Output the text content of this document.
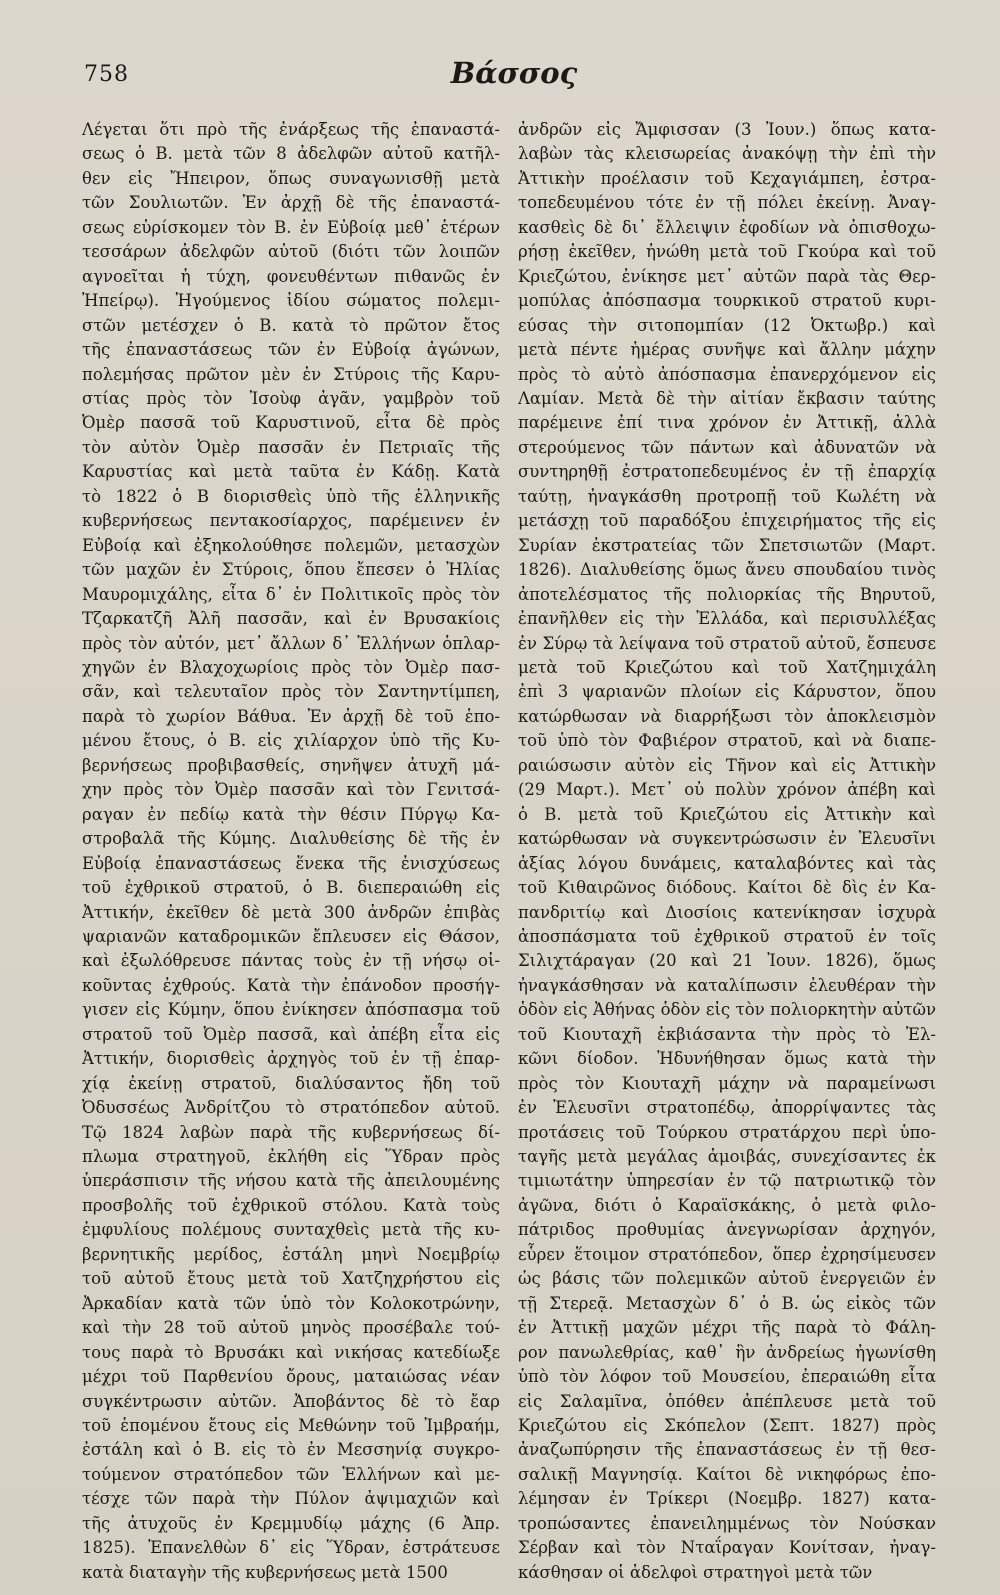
758	Βάσσος
Λέγεται ὅτι πρὸ τῆς ἐνάρξεως τῆς ἐπαναστά-
σεως ὁ Β. μετὰ τῶν 8 ἀδελφῶν αὐτοῦ κατῆλ-
θεν εἰς Ἤπειρον, ὅπως συναγωνισθῇ μετὰ
τῶν Σουλιωτῶν. Ἐν ἀρχῇ δὲ τῆς ἐπαναστά-
σεως εὑρίσκομεν τὸν Β. ἐν Εὐβοίᾳ μεθ᾽ ἑτέρων
τεσσάρων ἀδελφῶν αὐτοῦ (διότι τῶν λοιπῶν
αγνοεῖται ἡ τύχη, φονευθέντων πιθανῶς ἐν
Ἠπείρῳ). Ἡγούμενος ἰδίου σώματος πολεμι-
στῶν μετέσχεν ὁ Β. κατὰ τὸ πρῶτον ἔτος
τῆς ἐπαναστάσεως τῶν ἐν Εὐβοίᾳ ἀγώνων,
πολεμήσας πρῶτον μὲν ἐν Στύροις τῆς Καρυ-
στίας πρὸς τὸν Ἰσοὺφ ἀγᾶν, γαμβρὸν τοῦ
Ὀμὲρ πασσᾶ τοῦ Καρυστινοῦ, εἶτα δὲ πρὸς
τὸν αὐτὸν Ὀμὲρ πασσᾶν ἐν Πετριαῖς τῆς
Καρυστίας καὶ μετὰ ταῦτα ἐν Κάδῃ. Κατὰ
τὸ 1822 ὁ Β διορισθεὶς ὑπὸ τῆς ἑλληνικῆς
κυβερνήσεως πεντακοσίαρχος, παρέμεινεν ἐν
Εὐβοίᾳ καὶ ἐξηκολούθησε πολεμῶν, μετασχὼν
τῶν μαχῶν ἐν Στύροις, ὅπου ἔπεσεν ὁ Ἠλίας
Μαυρομιχάλης, εἶτα δ᾽ ἐν Πολιτικοῖς πρὸς τὸν
Τζαρκατζῆ Ἀλῆ πασσᾶν, καὶ ἐν Βρυσακίοις
πρὸς τὸν αὐτόν, μετ᾽ ἄλλων δ᾽ Ἑλλήνων ὁπλαρ-
χηγῶν ἐν Βλαχοχωρίοις πρὸς τὸν Ὀμὲρ πασ-
σᾶν, καὶ τελευταῖον πρὸς τὸν Σαντηντίμπεη,
παρὰ τὸ χωρίον Βάθυα. Ἐν ἀρχῇ δὲ τοῦ ἑπο-
μένου ἔτους, ὁ Β. εἰς χιλίαρχον ὑπὸ τῆς Κυ-
βερνήσεως προβιβασθείς, σηνῆψεν ἀτυχῆ μά-
χην πρὸς τὸν Ὀμὲρ πασσᾶν καὶ τὸν Γενιτσά-
ραγαν ἐν πεδίῳ κατὰ τὴν θέσιν Πύργῳ Κα-
στροβαλᾶ τῆς Κύμης. Διαλυθείσης δὲ τῆς ἐν
Εὐβοίᾳ ἐπαναστάσεως ἕνεκα τῆς ἐνισχύσεως
τοῦ ἐχθρικοῦ στρατοῦ, ὁ Β. διεπεραιώθη εἰς
Ἀττικήν, ἐκεῖθεν δὲ μετὰ 300 ἀνδρῶν ἐπιβὰς
ψαριανῶν καταδρομικῶν ἔπλευσεν εἰς Θάσον,
καὶ ἐξωλόθρευσε πάντας τοὺς ἐν τῇ νήσῳ οἰ-
κοῦντας ἐχθρούς. Κατὰ τὴν ἐπάνοδον προσήγ-
γισεν εἰς Κύμην, ὅπου ἐνίκησεν ἀπόσπασμα τοῦ
στρατοῦ τοῦ Ὀμὲρ πασσᾶ, καὶ ἀπέβη εἶτα εἰς
Ἀττικήν, διορισθεὶς ἀρχηγὸς τοῦ ἐν τῇ ἐπαρ-
χίᾳ ἐκείνῃ στρατοῦ, διαλύσαντος ἤδη τοῦ
Ὀδυσσέως Ἀνδρίτζου τὸ στρατόπεδον αὐτοῦ.
Τῷ 1824 λαβὼν παρὰ τῆς κυβερνήσεως δί-
πλωμα στρατηγοῦ, ἐκλήθη εἰς Ὕδραν πρὸς
ὑπεράσπισιν τῆς νήσου κατὰ τῆς ἀπειλουμένης
προσβολῆς τοῦ ἐχθρικοῦ στόλου. Κατὰ τοὺς
ἐμφυλίους πολέμους συνταχθεὶς μετὰ τῆς κυ-
βερνητικῆς μερίδος, ἐστάλη μηνὶ Νοεμβρίῳ
τοῦ αὐτοῦ ἔτους μετὰ τοῦ Χατζηχρήστου εἰς
Ἀρκαδίαν κατὰ τῶν ὑπὸ τὸν Κολοκοτρώνην,
καὶ τὴν 28 τοῦ αὐτοῦ μηνὸς προσέβαλε τού-
τους παρὰ τὸ Βρυσάκι καὶ νικήσας κατεδίωξε
μέχρι τοῦ Παρθενίου ὄρους, ματαιώσας νέαν
συγκέντρωσιν αὐτῶν. Ἀποβάντος δὲ τὸ ἔαρ
τοῦ ἑπομένου ἔτους εἰς Μεθώνην τοῦ Ἰμβραήμ,
ἐστάλη καὶ ὁ Β. εἰς τὸ ἐν Μεσσηνίᾳ συγκρο-
τούμενον στρατόπεδον τῶν Ἑλλήνων καὶ με-
τέσχε τῶν παρὰ τὴν Πύλον ἀψιμαχιῶν καὶ
τῆς ἀτυχοῦς ἐν Κρεμμυδίῳ μάχης (6 Ἀπρ.
1825). Ἐπανελθὼν δ᾽ εἰς Ὕδραν, ἐστράτευσε
κατὰ διαταγὴν τῆς κυβερνήσεως μετὰ 1500
ἀνδρῶν εἰς Ἄμφισσαν (3 Ἰουν.) ὅπως κατα-
λαβὼν τὰς κλεισωρείας ἀνακόψῃ τὴν ἐπὶ τὴν
Ἀττικὴν προέλασιν τοῦ Κεχαγιάμπεη, ἐστρα-
τοπεδευμένου τότε ἐν τῇ πόλει ἐκείνῃ. Ἀναγ-
κασθεὶς δὲ δι᾽ ἔλλειψιν ἐφοδίων νὰ ὀπισθοχω-
ρήσῃ ἐκεῖθεν, ἠνώθη μετὰ τοῦ Γκούρα καὶ τοῦ
Κριεζώτου, ἐνίκησε μετ᾽ αὐτῶν παρὰ τὰς Θερ-
μοπύλας ἀπόσπασμα τουρκικοῦ στρατοῦ κυρι-
εύσας τὴν σιτοπομπίαν (12 Ὀκτωβρ.) καὶ
μετὰ πέντε ἡμέρας συνῆψε καὶ ἄλλην μάχην
πρὸς τὸ αὐτὸ ἀπόσπασμα ἐπανερχόμενον εἰς
Λαμίαν. Μετὰ δὲ τὴν αἰτίαν ἔκβασιν ταύτης
παρέμεινε ἐπί τινα χρόνον ἐν Ἀττικῇ, ἀλλὰ
στερούμενος τῶν πάντων καὶ ἀδυνατῶν νὰ
συντηρηθῇ ἐστρατοπεδευμένος ἐν τῇ ἐπαρχίᾳ
ταύτῃ, ἠναγκάσθη προτροπῇ τοῦ Κωλέτη νὰ
μετάσχῃ τοῦ παραδόξου ἐπιχειρήματος τῆς εἰς
Συρίαν ἐκστρατείας τῶν Σπετσιωτῶν (Μαρτ.
1826). Διαλυθείσης ὅμως ἄνευ σπουδαίου τινὸς
ἀποτελέσματος τῆς πολιορκίας τῆς Βηρυτοῦ,
ἐπανῆλθεν εἰς τὴν Ἑλλάδα, καὶ περισυλλέξας
ἐν Σύρῳ τὰ λείψανα τοῦ στρατοῦ αὐτοῦ, ἔσπευσε
μετὰ τοῦ Κριεζώτου καὶ τοῦ Χατζημιχάλη
ἐπὶ 3 ψαριανῶν πλοίων εἰς Κάρυστον, ὅπου
κατώρθωσαν νὰ διαρρήξωσι τὸν ἀποκλεισμὸν
τοῦ ὑπὸ τὸν Φαβιέρον στρατοῦ, καὶ νὰ διαπε-
ραιώσωσιν αὐτὸν εἰς Τῆνον καὶ εἰς Ἀττικὴν
(29 Μαρτ.). Μετ᾽ οὐ πολὺν χρόνον ἀπέβη καὶ
ὁ Β. μετὰ τοῦ Κριεζώτου εἰς Ἀττικὴν καὶ
κατώρθωσαν νὰ συγκεντρώσωσιν ἐν Ἐλευσῖνι
ἀξίας λόγου δυνάμεις, καταλαβόντες καὶ τὰς
τοῦ Κιθαιρῶνος διόδους. Καίτοι δὲ δὶς ἐν Κα-
πανδριτίῳ καὶ Διοσίοις κατενίκησαν ἰσχυρὰ
ἀποσπάσματα τοῦ ἐχθρικοῦ στρατοῦ ἐν τοῖς
Σιλιχτάραγαν (20 καὶ 21 Ἰουν. 1826), ὅμως
ἠναγκάσθησαν νὰ καταλίπωσιν ἐλευθέραν τὴν
ὁδὸν εἰς Ἀθήνας ὁδὸν εἰς τὸν πολιορκητὴν αὐτῶν
τοῦ Κιουταχῆ ἐκβιάσαντα τὴν πρὸς τὸ Ἐλ-
κῶνι δίοδον. Ἡδυνήθησαν ὅμως κατὰ τὴν
πρὸς τὸν Κιουταχῆ μάχην νὰ παραμείνωσι
ἐν Ἐλευσῖνι στρατοπέδῳ, ἀπορρίψαντες τὰς
προτάσεις τοῦ Τούρκου στρατάρχου περὶ ὑπο-
ταγῆς μετὰ μεγάλας ἀμοιβάς, συνεχίσαντες ἐκ
τιμιωτάτην ὑπηρεσίαν ἐν τῷ πατριωτικῷ τὸν
ἀγῶνα, διότι ὁ Καραϊσκάκης, ὁ μετὰ φιλο-
πάτριδος προθυμίας ἀνεγνωρίσαν ἀρχηγόν,
εὗρεν ἕτοιμον στρατόπεδον, ὅπερ ἐχρησίμευσεν
ὡς βάσις τῶν πολεμικῶν αὐτοῦ ἐνεργειῶν ἐν
τῇ Στερεᾷ. Μετασχὼν δ᾽ ὁ Β. ὡς εἰκὸς τῶν
ἐν Ἀττικῇ μαχῶν μέχρι τῆς παρὰ τὸ Φάλη-
ρον πανωλεθρίας, καθ᾽ ἣν ἀνδρείως ἠγωνίσθη
ὑπὸ τὸν λόφον τοῦ Μουσείου, ἐπεραιώθη εἶτα
εἰς Σαλαμῖνα, ὁπόθεν ἀπέπλευσε μετὰ τοῦ
Κριεζώτου εἰς Σκόπελον (Σεπτ. 1827) πρὸς
ἀναζωπύρησιν τῆς ἐπαναστάσεως ἐν τῇ θεσ-
σαλικῇ Μαγνησίᾳ. Καίτοι δὲ νικηφόρως ἐπο-
λέμησαν ἐν Τρίκερι (Νοεμβρ. 1827) κατα-
τροπώσαντες ἐπανειλημμένως τὸν Νούσκαν
Σέρβαν καὶ τὸν Νταΐραγαν Κονίτσαν, ἠναγ-
κάσθησαν οἱ ἀδελφοὶ στρατηγοὶ μετὰ τῶν
